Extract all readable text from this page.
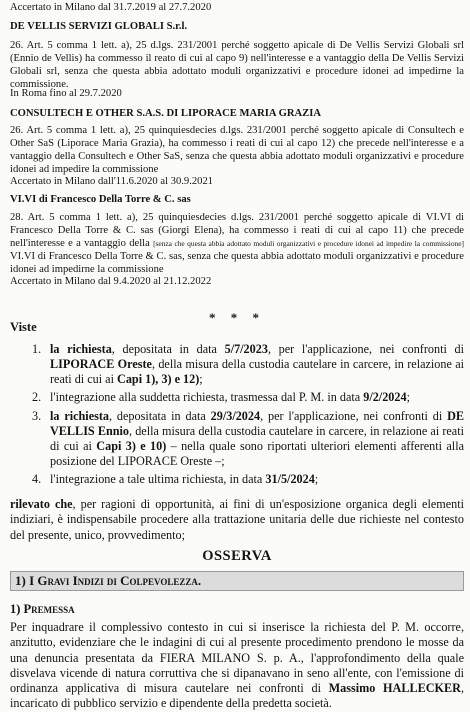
Accertato in Milano dal 31.7.2019 al 27.7.2020

DE VELLIS SERVIZI GLOBALI S.r.l.

26. Art. 5 comma 1 lett. a), 25 d.lgs. 231/2001 perché soggetto apicale di De Vellis Servizi Globali srl (Ennio de Vellis) ha commesso il reato di cui al capo 9) nell'interesse e a vantaggio della De Vellis Servizi Globali srl, senza che questa abbia adottato moduli organizzativi e procedure idonei ad impedirne la commissione.

In Roma fino al 29.7.2020

CONSULTECH E OTHER S.A.S. DI LIPORACE MARIA GRAZIA

26. Art. 5 comma 1 lett. a), 25 quinquiesdecies d.lgs. 231/2001 perché soggetto apicale di Consultech e Other SaS (Liporace Maria Grazia), ha commesso i reati di cui al capo 12) che precede nell'interesse e a vantaggio della Consultech e Other SaS, senza che questa abbia adottato moduli organizzativi e procedure idonei ad impedire la commissione

Accertato in Milano dall'11.6.2020 al 30.9.2021

VI.VI di Francesco Della Torre & C. sas

28. Art. 5 comma 1 lett. a), 25 quinquiesdecies d.lgs. 231/2001 perché soggetto apicale di VI.VI di Francesco Della Torre & C. sas (Giorgi Elena), ha commesso i reati di cui al capo 11) che precede nell'interesse e a vantaggio della [senza che questa abbia adottato moduli organizzativi e procedure idonei ad impedire la commissione] VI.VI di Francesco Della Torre & C. sas, senza che questa abbia adottato moduli organizzativi e procedure idonei ad impedirne la commissione

Accertato in Milano dal 9.4.2020 al 21.12.2022

* * *

Viste

1. la richiesta, depositata in data 5/7/2023, per l'applicazione, nei confronti di LIPORACE Oreste, della misura della custodia cautelare in carcere, in relazione ai reati di cui ai Capi 1), 3) e 12);
2. l'integrazione alla suddetta richiesta, trasmessa dal P. M. in data 9/2/2024;
3. la richiesta, depositata in data 29/3/2024, per l'applicazione, nei confronti di DE VELLIS Ennio, della misura della custodia cautelare in carcere, in relazione ai reati di cui ai Capi 3) e 10) – nella quale sono riportati ulteriori elementi afferenti alla posizione del LIPORACE Oreste –;
4. l'integrazione a tale ultima richiesta, in data 31/5/2024;

rilevato che, per ragioni di opportunità, ai fini di un'esposizione organica degli elementi indiziari, è indispensabile procedere alla trattazione unitaria delle due richieste nel contesto del presente, unico, provvedimento;

OSSERVA

1) I Gravi Indizi di Colpevolezza.

1) Premessa

Per inquadrare il complessivo contesto in cui si inserisce la richiesta del P. M. occorre, anzitutto, evidenziare che le indagini di cui al presente procedimento prendono le mosse da una denuncia presentata da FIERA MILANO S. p. A., l'approfondimento della quale disvelava vicende di natura corruttiva che si dipanavano in seno all'ente, con l'emissione di ordinanza applicativa di misura cautelare nei confronti di Massimo HALLECKER, incaricato di pubblico servizio e dipendente della predetta società.
